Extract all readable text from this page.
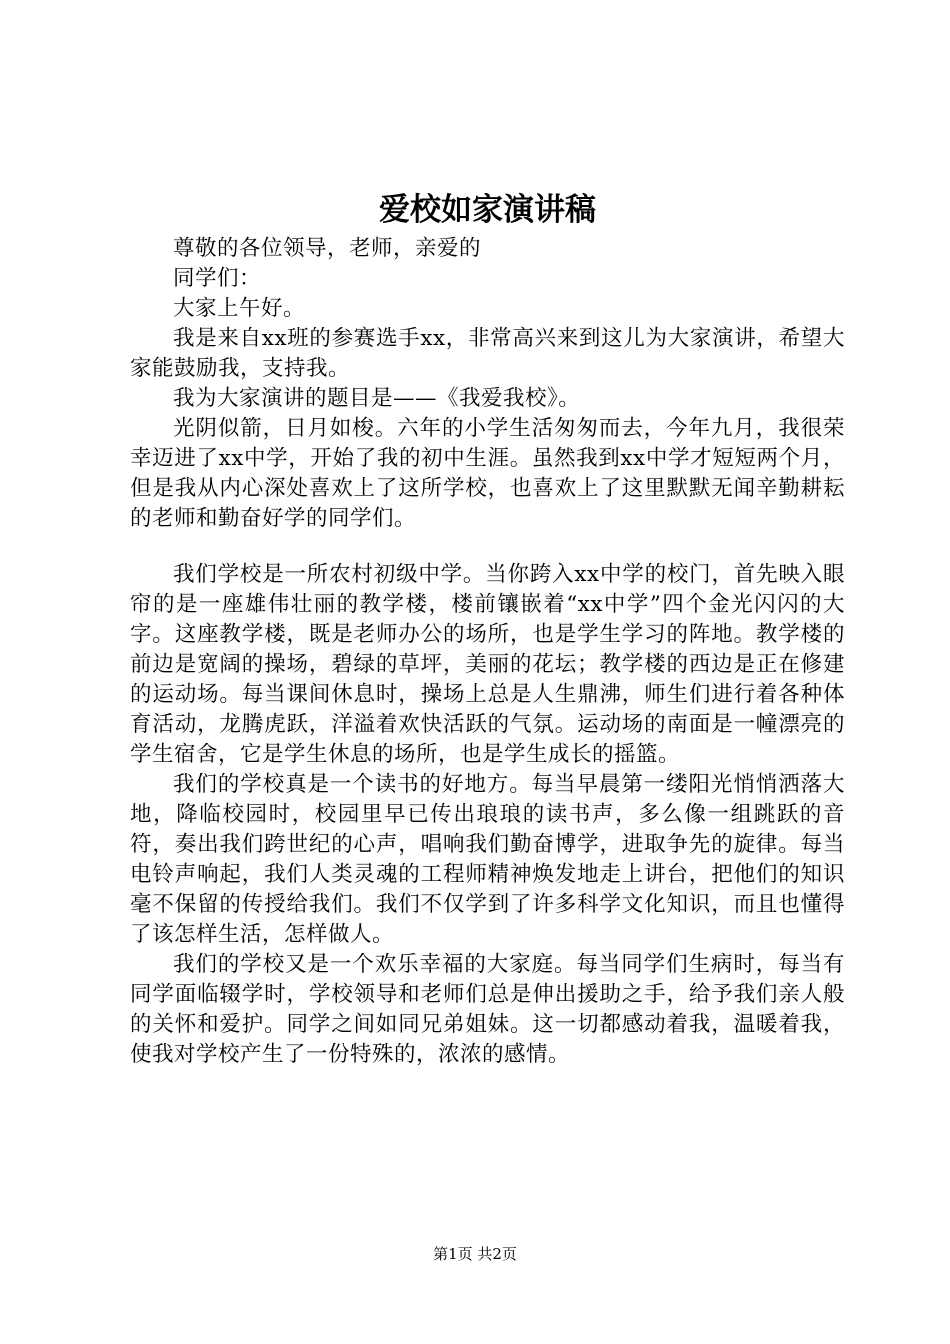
爱校如家演讲稿

尊敬的各位领导，老师，亲爱的

同学们：

大家上午好。

我是来自xx班的参赛选手xx，非常高兴来到这儿为大家演讲，希望大家能鼓励我，支持我。

我为大家演讲的题目是——《我爱我校》。

光阴似箭，日月如梭。六年的小学生活匆匆而去，今年九月，我很荣幸迈进了xx中学，开始了我的初中生涯。虽然我到xx中学才短短两个月，但是我从内心深处喜欢上了这所学校，也喜欢上了这里默默无闻辛勤耕耘的老师和勤奋好学的同学们。

我们学校是一所农村初级中学。当你跨入xx中学的校门，首先映入眼帘的是一座雄伟壮丽的教学楼，楼前镶嵌着“xx中学”四个金光闪闪的大字。这座教学楼，既是老师办公的场所，也是学生学习的阵地。教学楼的前边是宽阔的操场，碧绿的草坪，美丽的花坛；教学楼的西边是正在修建的运动场。每当课间休息时，操场上总是人生鼎沸，师生们进行着各种体育活动，龙腾虎跃，洋溢着欢快活跃的气氛。运动场的南面是一幢漂亮的学生宿舍，它是学生休息的场所，也是学生成长的摇篮。

我们的学校真是一个读书的好地方。每当早晨第一缕阳光悄悄洒落大地，降临校园时，校园里早已传出琅琅的读书声，多么像一组跳跃的音符，奏出我们跨世纪的心声，唱响我们勤奋博学，进取争先的旋律。每当电铃声响起，我们人类灵魂的工程师精神焕发地走上讲台，把他们的知识毫不保留的传授给我们。我们不仅学到了许多科学文化知识，而且也懂得了该怎样生活，怎样做人。

我们的学校又是一个欢乐幸福的大家庭。每当同学们生病时，每当有同学面临辍学时，学校领导和老师们总是伸出援助之手，给予我们亲人般的关怀和爱护。同学之间如同兄弟姐妹。这一切都感动着我，温暖着我，使我对学校产生了一份特殊的，浓浓的感情。

第1页 共2页
